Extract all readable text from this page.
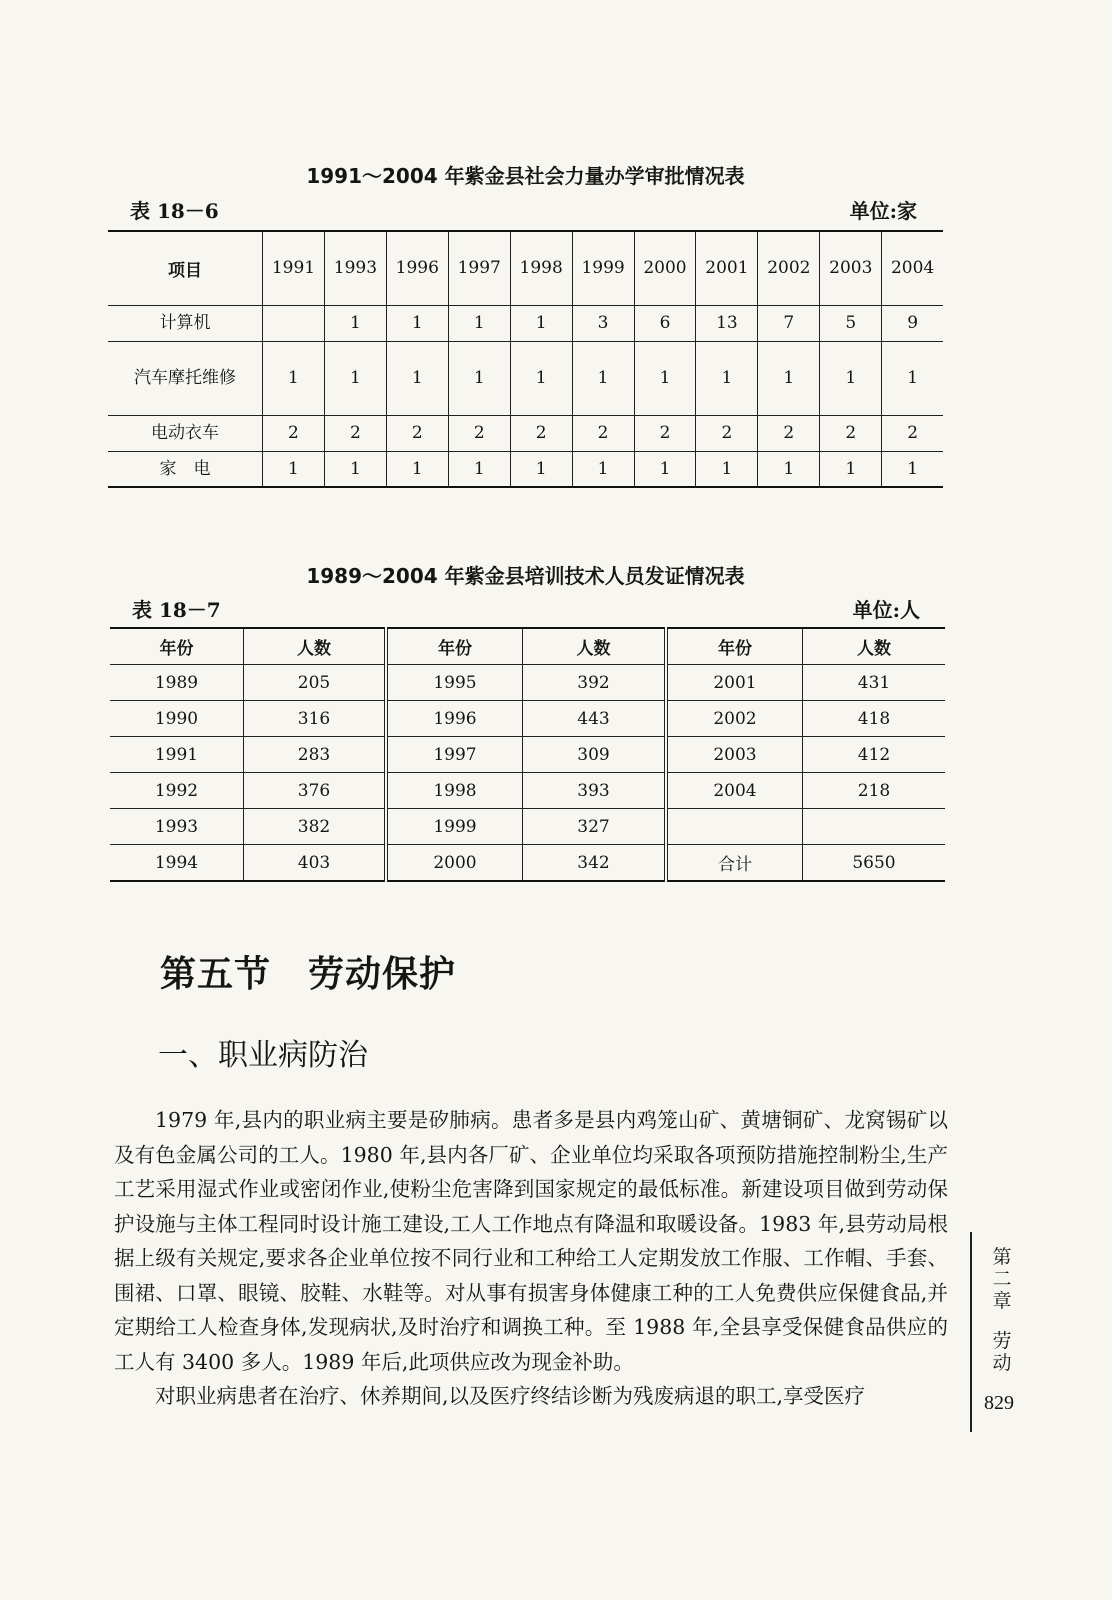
1991～2004 年紫金县社会力量办学审批情况表
表 18－6	单位:家
项目	1991	1993	1996	1997	1998	1999	2000	2001	2002	2003	2004
计算机		1	1	1	1	3	6	13	7	5	9
汽车摩托维修	1	1	1	1	1	1	1	1	1	1	1
电动衣车	2	2	2	2	2	2	2	2	2	2	2
家　电	1	1	1	1	1	1	1	1	1	1	1
1989～2004 年紫金县培训技术人员发证情况表
表 18－7	单位:人
年份	人数	年份	人数	年份	人数
1989	205	1995	392	2001	431
1990	316	1996	443	2002	418
1991	283	1997	309	2003	412
1992	376	1998	393	2004	218
1993	382	1999	327		
1994	403	2000	342	合计	5650
第五节　劳动保护
一、职业病防治

1979 年,县内的职业病主要是矽肺病。患者多是县内鸡笼山矿、黄塘铜矿、龙窝锡矿以及有色金属公司的工人。1980 年,县内各厂矿、企业单位均采取各项预防措施控制粉尘,生产工艺采用湿式作业或密闭作业,使粉尘危害降到国家规定的最低标准。新建设项目做到劳动保护设施与主体工程同时设计施工建设,工人工作地点有降温和取暖设备。1983 年,县劳动局根据上级有关规定,要求各企业单位按不同行业和工种给工人定期发放工作服、工作帽、手套、围裙、口罩、眼镜、胶鞋、水鞋等。对从事有损害身体健康工种的工人免费供应保健食品,并定期给工人检查身体,发现病状,及时治疗和调换工种。至 1988 年,全县享受保健食品供应的工人有 3400 多人。1989 年后,此项供应改为现金补助。

对职业病患者在治疗、休养期间,以及医疗终结诊断为残废病退的职工,享受医疗

第二章
劳动
829
